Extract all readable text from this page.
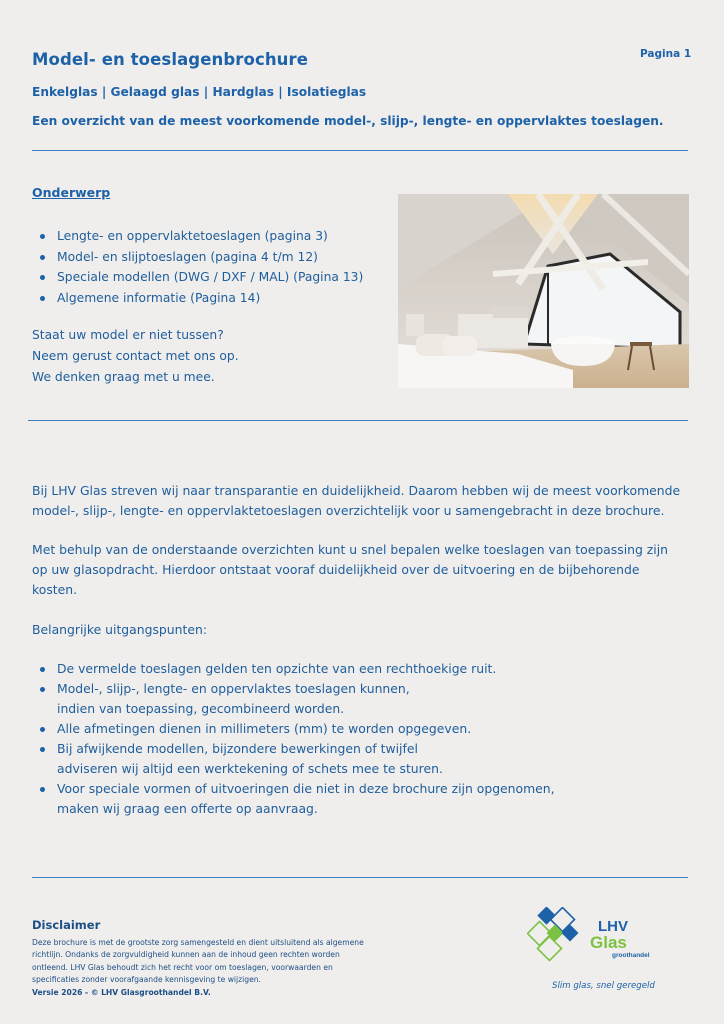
Model- en toeslagenbrochure	Pagina 1
Enkelglas | Gelaagd glas | Hardglas | Isolatieglas
Een overzicht van de meest voorkomende model-, slijp-, lengte- en oppervlaktes toeslagen.
Onderwerp
Lengte- en oppervlaktetoeslagen (pagina 3)
Model- en slijptoeslagen (pagina 4 t/m 12)
Speciale modellen (DWG / DXF / MAL) (Pagina 13)
Algemene informatie (Pagina 14)
Staat uw model er niet tussen?
Neem gerust contact met ons op.
We denken graag met u mee.
Bij LHV Glas streven wij naar transparantie en duidelijkheid. Daarom hebben wij de meest voorkomende
model-, slijp-, lengte- en oppervlaktetoeslagen overzichtelijk voor u samengebracht in deze brochure.
Met behulp van de onderstaande overzichten kunt u snel bepalen welke toeslagen van toepassing zijn
op uw glasopdracht. Hierdoor ontstaat vooraf duidelijkheid over de uitvoering en de bijbehorende
kosten.
Belangrijke uitgangspunten:
De vermelde toeslagen gelden ten opzichte van een rechthoekige ruit.
Model-, slijp-, lengte- en oppervlaktes toeslagen kunnen,
indien van toepassing, gecombineerd worden.
Alle afmetingen dienen in millimeters (mm) te worden opgegeven.
Bij afwijkende modellen, bijzondere bewerkingen of twijfel
adviseren wij altijd een werktekening of schets mee te sturen.
Voor speciale vormen of uitvoeringen die niet in deze brochure zijn opgenomen,
maken wij graag een offerte op aanvraag.
Disclaimer
Deze brochure is met de grootste zorg samengesteld en dient uitsluitend als algemene
richtlijn. Ondanks de zorgvuldigheid kunnen aan de inhoud geen rechten worden
ontleend. LHV Glas behoudt zich het recht voor om toeslagen, voorwaarden en
specificaties zonder voorafgaande kennisgeving te wijzigen.
Versie 2026 - © LHV Glasgroothandel B.V.
LHV
Glas
groothandel
Slim glas, snel geregeld
